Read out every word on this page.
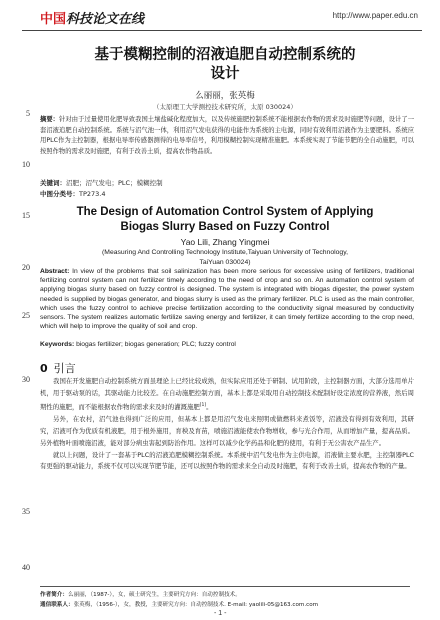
中国科技论文在线	http://www.paper.edu.cn
5
10
15
20
25
30
35
40
基于模糊控制的沼液追肥自动控制系统的
设计
么丽丽，张英梅
（太原理工大学测控技术研究所，太原 030024）
摘要：针对由于过量使用化肥导致我国土壤盐碱化程度加大，以及传统施肥控制系统不能根据农作物的需求及时施肥等问题，设计了一套沼液追肥自动控制系统。系统与沼气池一体，利用沼气发电获得的电能作为系统的主电源，同时有效利用沼液作为主要肥料。系统应用PLC作为主控制器，根据电导率传感器测得的电导率信号，利用模糊控制实现精准施肥。本系统实现了节能节肥的全自动施肥，可以按照作物的需求及时施肥，有利于改善土质，提高农作物品质。
关键词：沼肥；沼气发电；PLC；模糊控制
中图分类号：TP273.4
The Design of Automation Control System of Applying
Biogas Slurry Based on Fuzzy Control
Yao Lili, Zhang Yingmei
(Measuring And Controlling Technology Institute,Taiyuan University of Technology,
TaiYuan 030024)
Abstract: In view of the problems that soil salinization has been more serious for excessive using of fertilizers, traditional fertilizing control system can not fertilizer timely according to the need of crop and so on. An automation control system of applying biogas slurry based on fuzzy control is designed. The system is integrated with biogas digester, the power system needed is supplied by biogas generator, and biogas slurry is used as the primary fertilizer. PLC is used as the main controller, which uses the fuzzy control to achieve precise fertilization according to the conductivity signal measured by conductivity sensors. The system realizes automatic fertilize saving energy and fertilizer, it can timely fertilize according to the crop need, which will help to improve the quality of soil and crop.
Keywords: biogas fertilizer; biogas generation; PLC; fuzzy control
0 引言

我国在开发施肥自动控制系统方面虽理论上已经比较成熟，但实际应用还处于研制、试用阶段，主控制器方面，大部分选用单片机，用于驱动泵的话，其驱动能力比较差。在自动施肥控制方面，基本上都是采取用自动控制技术配制好设定浓度的营养液，然后周期性的施肥，而不能根据农作物的需求来及时的灌溉施肥[1]。

另外，在农村，沼气池也得到广泛的应用，但基本上都是用沼气发电来照明或做燃料来煮饭等，沼液没有得到有效利用，其研究，沼液可作为优质有机液肥，用于根外施用，育秧及育苗，喷施沼液能使农作物增收，参与光合作用，从而增加产量，提高品质。另外植物叶面喷施沼液，能对部分病虫害起到防治作用。这样可以减少化学药品和化肥的使用，有利于无公害农产品生产。

就以上问题，设计了一套基于PLC的沼液追肥模糊控制系统。本系统中沼气发电作为主供电源，沼液做主要水肥，主控制器PLC有更强的驱动能力，系统不仅可以实现节肥节能，还可以按照作物的需求来全自动及时施肥，有利于改善土质，提高农作物的产量。

作者简介：么丽丽，（1987-），女，硕士研究生，主要研究方向：自动控制技术。
通信联系人：张英梅，（1956-），女，教授，主要研究方向：自动控制技术. E-mail: yaolili-05@163.com.com
- 1 -
